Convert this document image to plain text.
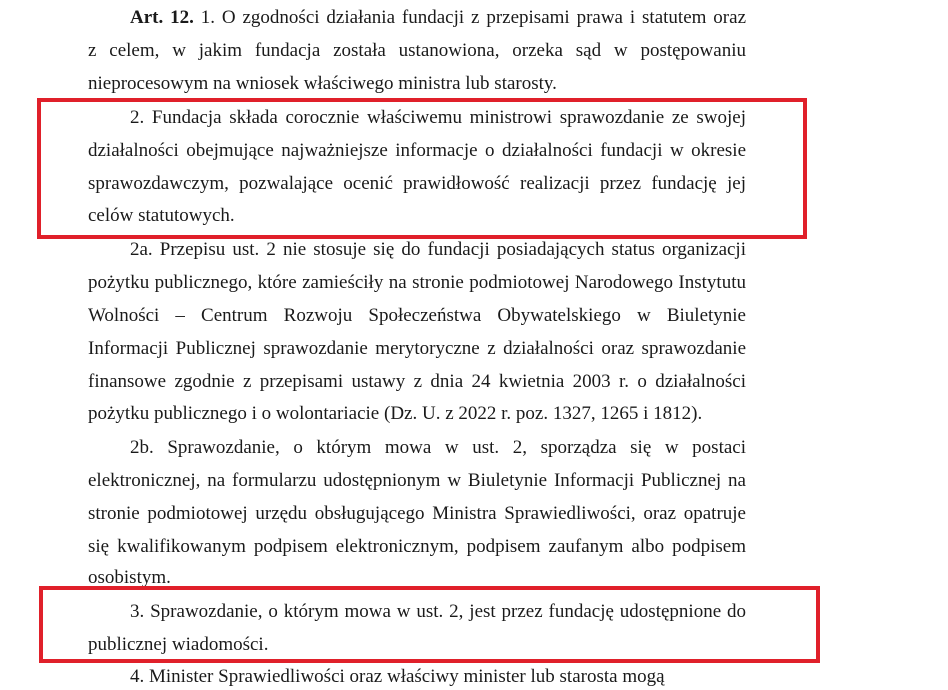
Art. 12. 1. O zgodności działania fundacji z przepisami prawa i statutem oraz
z celem, w jakim fundacja została ustanowiona, orzeka sąd w postępowaniu
nieprocesowym na wniosek właściwego ministra lub starosty.
2. Fundacja składa corocznie właściwemu ministrowi sprawozdanie ze swojej
działalności obejmujące najważniejsze informacje o działalności fundacji w okresie
sprawozdawczym, pozwalające ocenić prawidłowość realizacji przez fundację jej
celów statutowych.
2a. Przepisu ust. 2 nie stosuje się do fundacji posiadających status organizacji
pożytku publicznego, które zamieściły na stronie podmiotowej Narodowego Instytutu
Wolności – Centrum Rozwoju Społeczeństwa Obywatelskiego w Biuletynie
Informacji Publicznej sprawozdanie merytoryczne z działalności oraz sprawozdanie
finansowe zgodnie z przepisami ustawy z dnia 24 kwietnia 2003 r. o działalności
pożytku publicznego i o wolontariacie (Dz. U. z 2022 r. poz. 1327, 1265 i 1812).
2b. Sprawozdanie, o którym mowa w ust. 2, sporządza się w postaci
elektronicznej, na formularzu udostępnionym w Biuletynie Informacji Publicznej na
stronie podmiotowej urzędu obsługującego Ministra Sprawiedliwości, oraz opatruje
się kwalifikowanym podpisem elektronicznym, podpisem zaufanym albo podpisem
osobistym.
3. Sprawozdanie, o którym mowa w ust. 2, jest przez fundację udostępnione do
publicznej wiadomości.
4. Minister Sprawiedliwości oraz właściwy minister lub starosta mogą
